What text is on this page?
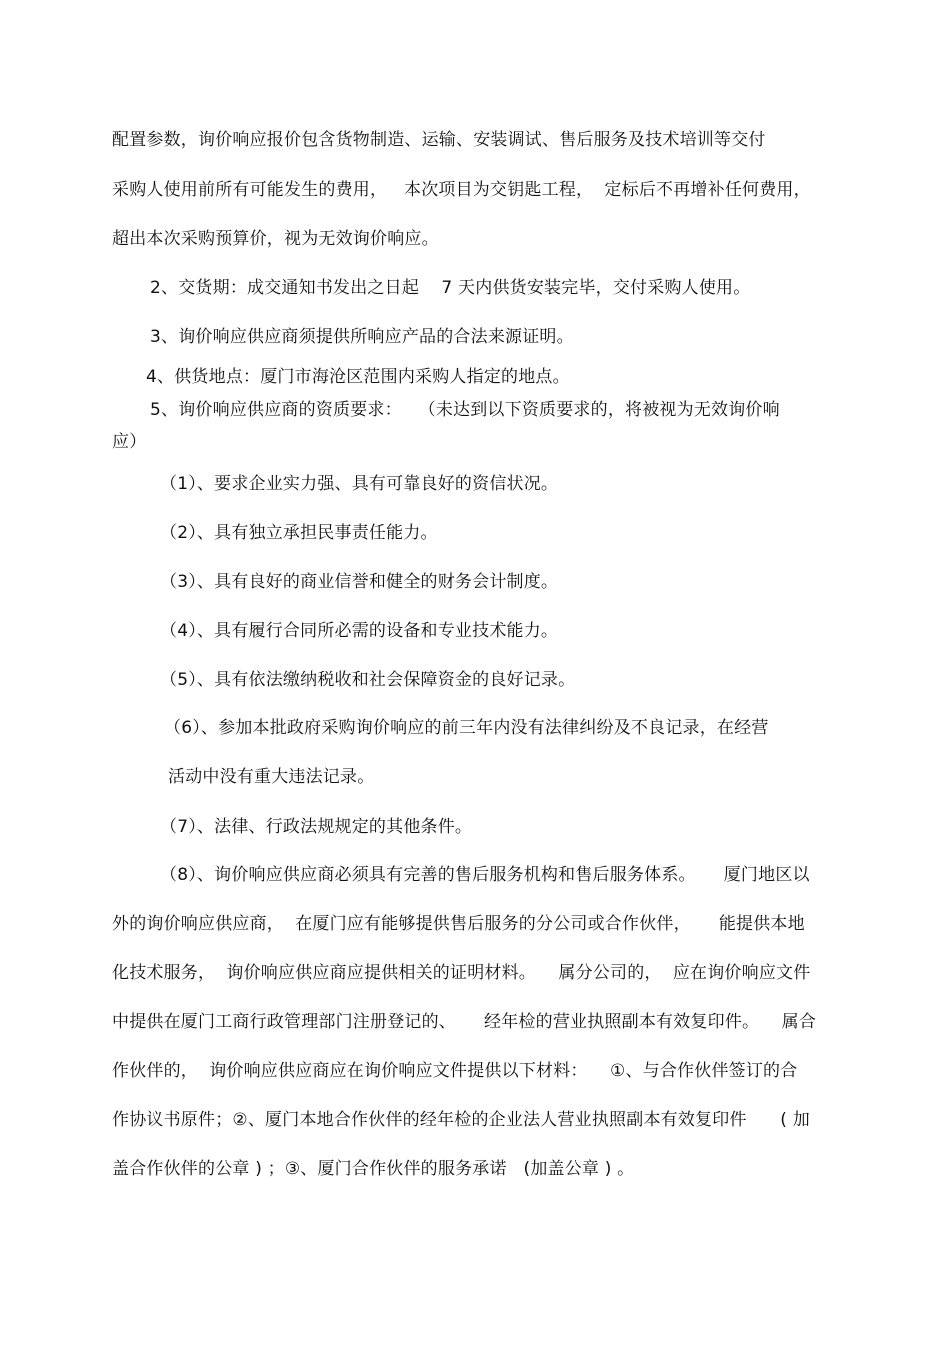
配置参数，询价响应报价包含货物制造、运输、安装调试、售后服务及技术培训等交付
采购人使用前所有可能发生的费用，   本次项目为交钥匙工程，  定标后不再增补任何费用，
超出本次采购预算价，视为无效询价响应。
2、交货期：成交通知书发出之日起    7 天内供货安装完毕，交付采购人使用。
3、询价响应供应商须提供所响应产品的合法来源证明。
4、供货地点：厦门市海沧区范围内采购人指定的地点。
5、询价响应供应商的资质要求：   （未达到以下资质要求的，将被视为无效询价响
应）
（1）、要求企业实力强、具有可靠良好的资信状况。
（2）、具有独立承担民事责任能力。
（3）、具有良好的商业信誉和健全的财务会计制度。
（4）、具有履行合同所必需的设备和专业技术能力。
（5）、具有依法缴纳税收和社会保障资金的良好记录。
（6）、参加本批政府采购询价响应的前三年内没有法律纠纷及不良记录，在经营
活动中没有重大违法记录。
（7）、法律、行政法规规定的其他条件。
（8）、询价响应供应商必须具有完善的售后服务机构和售后服务体系。     厦门地区以
外的询价响应供应商，  在厦门应有能够提供售后服务的分公司或合作伙伴，     能提供本地
化技术服务，  询价响应供应商应提供相关的证明材料。    属分公司的，  应在询价响应文件
中提供在厦门工商行政管理部门注册登记的、     经年检的营业执照副本有效复印件。    属合
作伙伴的，  询价响应供应商应在询价响应文件提供以下材料：    ①、与合作伙伴签订的合
作协议书原件；②、厦门本地合作伙伴的经年检的企业法人营业执照副本有效复印件      ( 加
盖合作伙伴的公章 ) ；③、厦门合作伙伴的服务承诺   (加盖公章 ) 。
